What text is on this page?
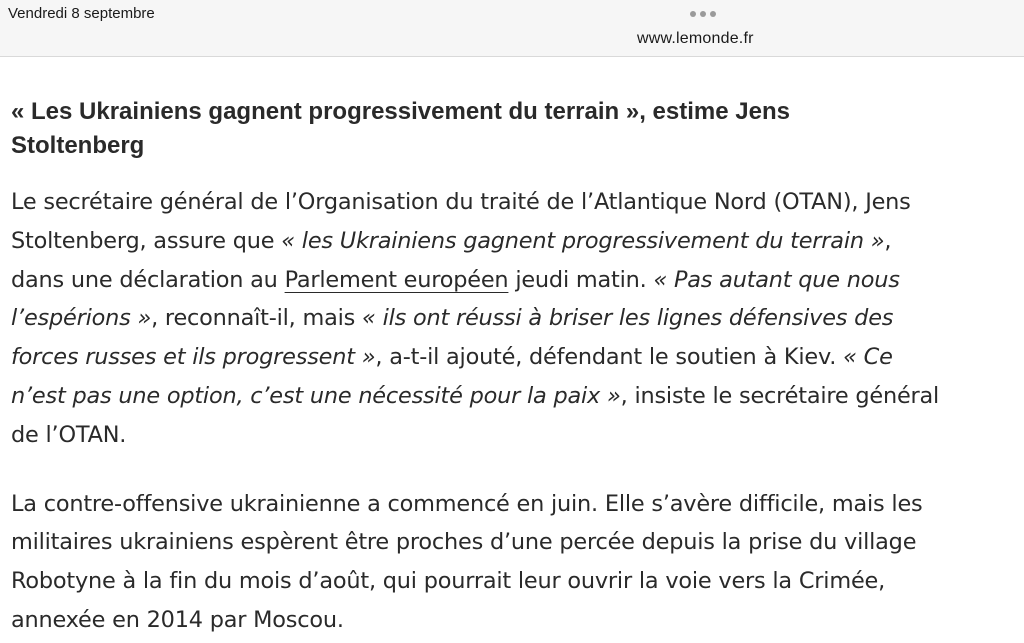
Vendredi 8 septembre
www.lemonde.fr
« Les Ukrainiens gagnent progressivement du terrain », estime Jens Stoltenberg

Le secrétaire général de l’Organisation du traité de l’Atlantique Nord (OTAN), Jens Stoltenberg, assure que « les Ukrainiens gagnent progressivement du terrain », dans une déclaration au Parlement européen jeudi matin. « Pas autant que nous l’espérions », reconnaît-il, mais « ils ont réussi à briser les lignes défensives des forces russes et ils progressent », a-t-il ajouté, défendant le soutien à Kiev. « Ce n’est pas une option, c’est une nécessité pour la paix », insiste le secrétaire général de l’OTAN.

La contre-offensive ukrainienne a commencé en juin. Elle s’avère difficile, mais les militaires ukrainiens espèrent être proches d’une percée depuis la prise du village Robotyne à la fin du mois d’août, qui pourrait leur ouvrir la voie vers la Crimée, annexée en 2014 par Moscou.
